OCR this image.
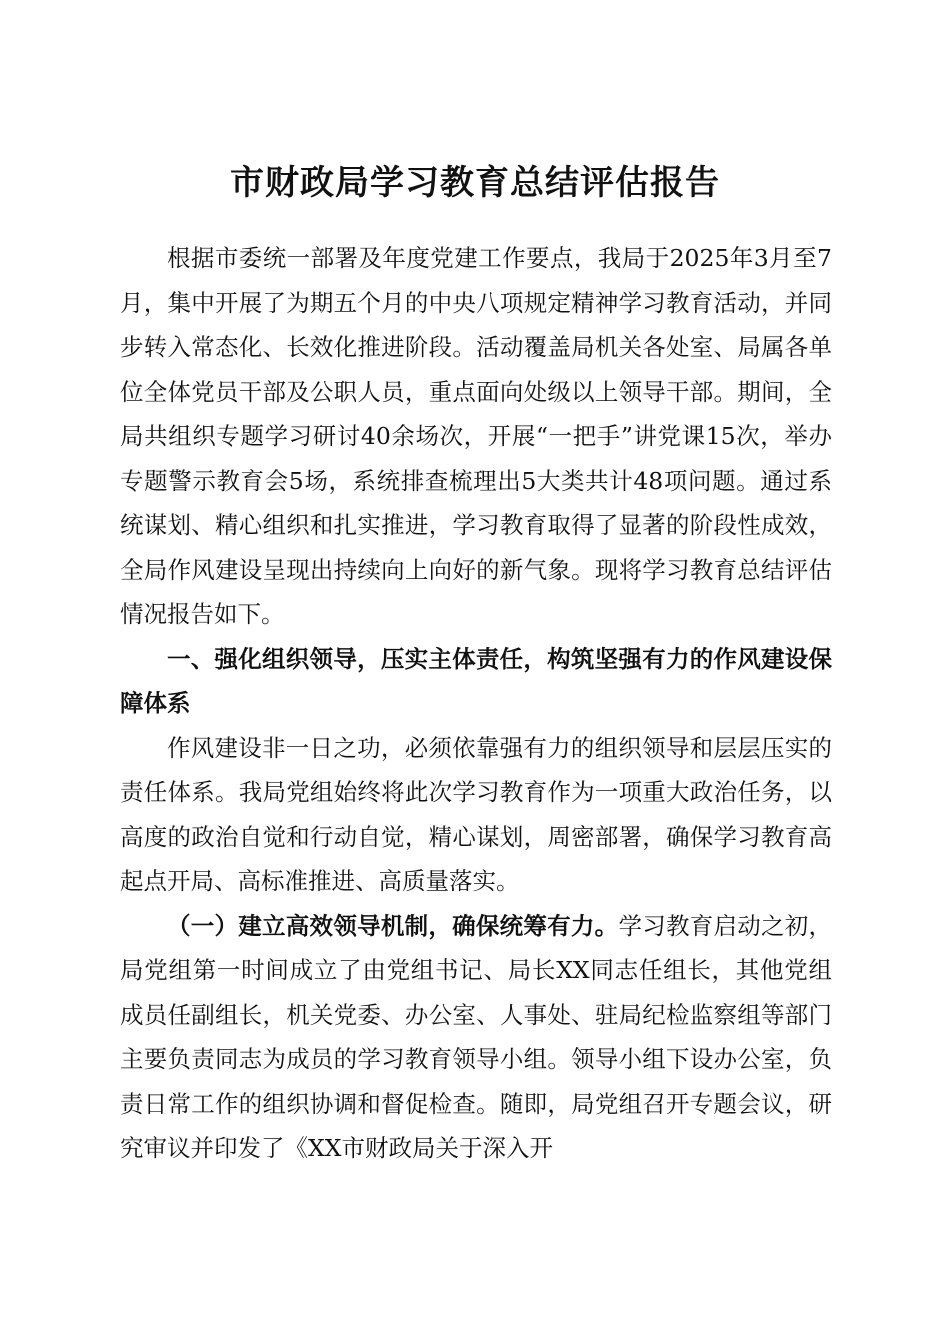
市财政局学习教育总结评估报告

根据市委统一部署及年度党建工作要点，我局于2025年3月至7月，集中开展了为期五个月的中央八项规定精神学习教育活动，并同步转入常态化、长效化推进阶段。活动覆盖局机关各处室、局属各单位全体党员干部及公职人员，重点面向处级以上领导干部。期间，全局共组织专题学习研讨40余场次，开展“一把手”讲党课15次，举办专题警示教育会5场，系统排查梳理出5大类共计48项问题。通过系统谋划、精心组织和扎实推进，学习教育取得了显著的阶段性成效，全局作风建设呈现出持续向上向好的新气象。现将学习教育总结评估情况报告如下。

一、强化组织领导，压实主体责任，构筑坚强有力的作风建设保障体系

作风建设非一日之功，必须依靠强有力的组织领导和层层压实的责任体系。我局党组始终将此次学习教育作为一项重大政治任务，以高度的政治自觉和行动自觉，精心谋划，周密部署，确保学习教育高起点开局、高标准推进、高质量落实。

（一）建立高效领导机制，确保统筹有力。学习教育启动之初，局党组第一时间成立了由党组书记、局长XX同志任组长，其他党组成员任副组长，机关党委、办公室、人事处、驻局纪检监察组等部门主要负责同志为成员的学习教育领导小组。领导小组下设办公室，负责日常工作的组织协调和督促检查。随即，局党组召开专题会议，研究审议并印发了《XX市财政局关于深入开
